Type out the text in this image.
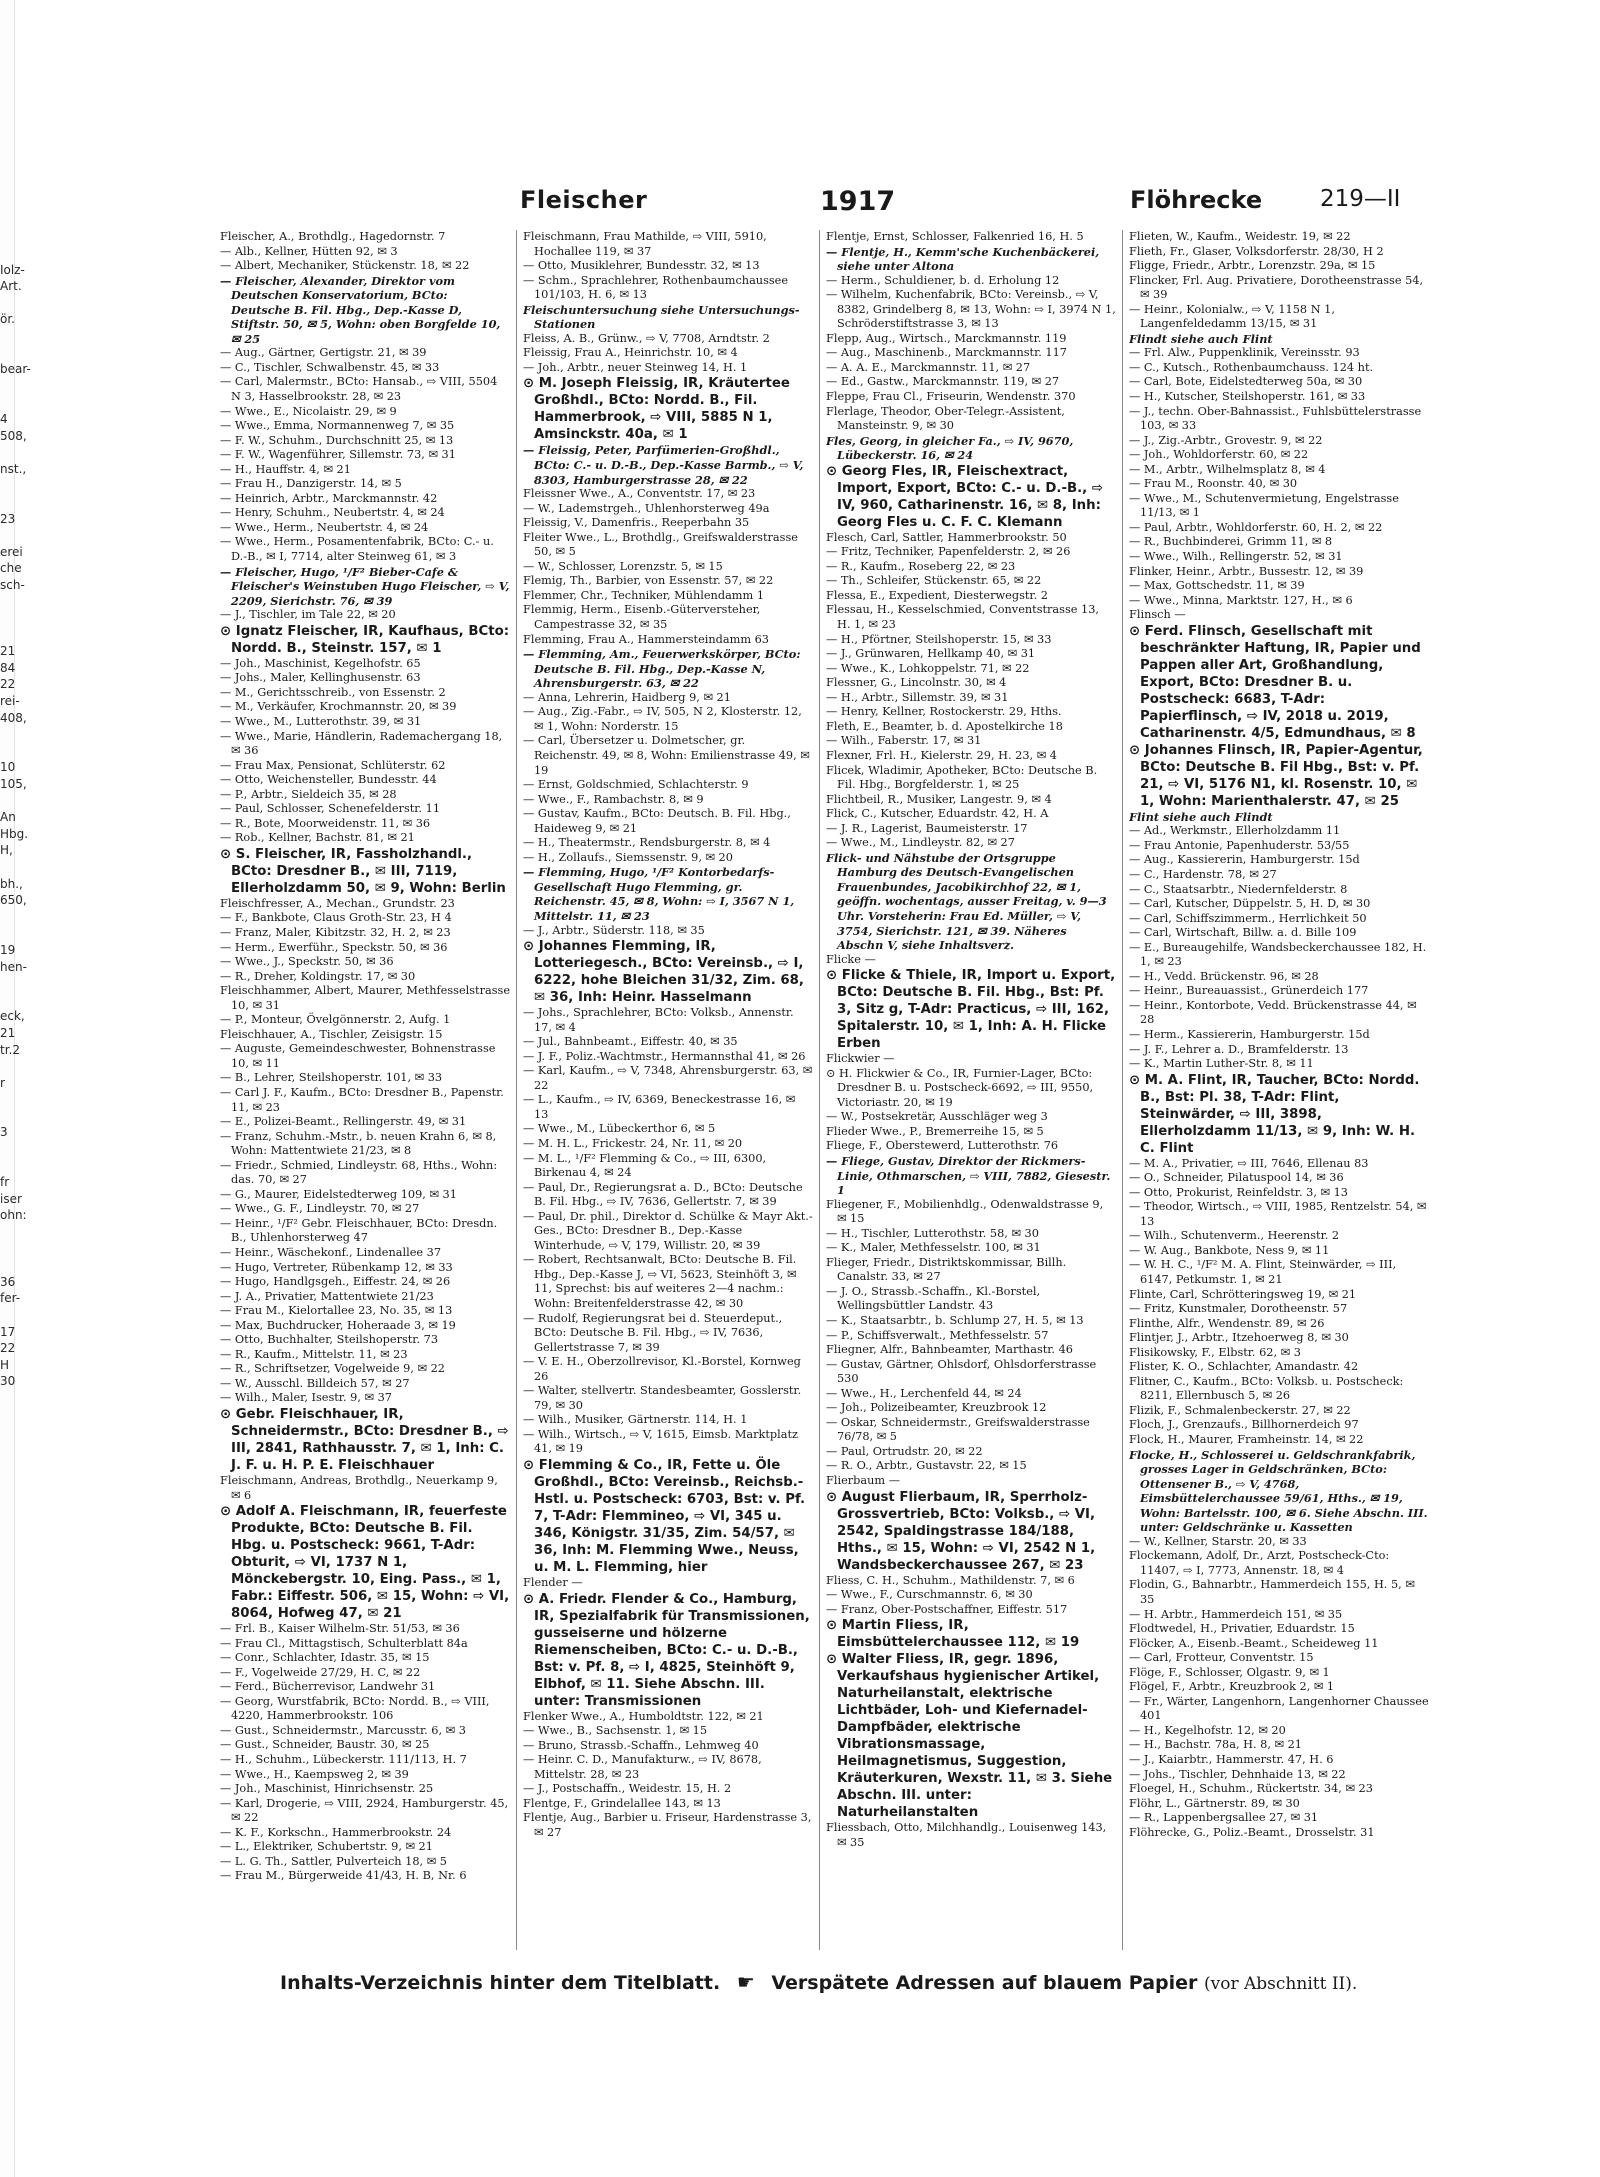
Iolz-
Art.
ör.
bear-
4
508,
nst.,
23
erei
che
sch-
21
84
22
rei-
408,
10
105,
An
Hbg.
H,
bh.,
650,
19
hen-
eck,
21
tr.2
r
3
fr
iser
ohn:
36
fer-
17
22
H
30
Fleischer	1917	Flöhrecke	219—II

Fleischer, A., Brothdlg., Hagedornstr. 7

— Alb., Kellner, Hütten 92, ✉ 3

— Albert, Mechaniker, Stückenstr. 18, ✉ 22

— Fleischer, Alexander, Direktor vom Deutschen Konservatorium, BCto: Deutsche B. Fil. Hbg., Dep.-Kasse D, Stiftstr. 50, ✉ 5, Wohn: oben Borgfelde 10, ✉ 25

— Aug., Gärtner, Gertigstr. 21, ✉ 39

— C., Tischler, Schwalbenstr. 45, ✉ 33

— Carl, Malermstr., BCto: Hansab., ⇨ VIII, 5504 N 3, Hasselbrookstr. 28, ✉ 23

— Wwe., E., Nicolaistr. 29, ✉ 9

— Wwe., Emma, Normannenweg 7, ✉ 35

— F. W., Schuhm., Durchschnitt 25, ✉ 13

— F. W., Wagenführer, Sillemstr. 73, ✉ 31

— H., Hauffstr. 4, ✉ 21

— Frau H., Danzigerstr. 14, ✉ 5

— Heinrich, Arbtr., Marckmannstr. 42

— Henry, Schuhm., Neubertstr. 4, ✉ 24

— Wwe., Herm., Neubertstr. 4, ✉ 24

— Wwe., Herm., Posamentenfabrik, BCto: C.- u. D.-B., ✉ I, 7714, alter Steinweg 61, ✉ 3

— Fleischer, Hugo, ¹/F² Bieber-Cafe & Fleischer's Weinstuben Hugo Fleischer, ⇨ V, 2209, Sierichstr. 76, ✉ 39

— J., Tischler, im Tale 22, ✉ 20

⊙ Ignatz Fleischer, IR, Kaufhaus, BCto: Nordd. B., Steinstr. 157, ✉ 1

— Joh., Maschinist, Kegelhofstr. 65

— Johs., Maler, Kellinghusenstr. 63

— M., Gerichtsschreib., von Essenstr. 2

— M., Verkäufer, Krochmannstr. 20, ✉ 39

— Wwe., M., Lutterothstr. 39, ✉ 31

— Wwe., Marie, Händlerin, Rademachergang 18, ✉ 36

— Frau Max, Pensionat, Schlüterstr. 62

— Otto, Weichensteller, Bundesstr. 44

— P., Arbtr., Sieldeich 35, ✉ 28

— Paul, Schlosser, Schenefelderstr. 11

— R., Bote, Moorweidenstr. 11, ✉ 36

— Rob., Kellner, Bachstr. 81, ✉ 21

⊙ S. Fleischer, IR, Fassholzhandl., BCto: Dresdner B., ✉ III, 7119, Ellerholzdamm 50, ✉ 9, Wohn: Berlin

Fleischfresser, A., Mechan., Grundstr. 23

— F., Bankbote, Claus Groth-Str. 23, H 4

— Franz, Maler, Kibitzstr. 32, H. 2, ✉ 23

— Herm., Ewerführ., Speckstr. 50, ✉ 36

— Wwe., J., Speckstr. 50, ✉ 36

— R., Dreher, Koldingstr. 17, ✉ 30

Fleischhammer, Albert, Maurer, Methfesselstrasse 10, ✉ 31

— P., Monteur, Övelgönnerstr. 2, Aufg. 1

Fleischhauer, A., Tischler, Zeisigstr. 15

— Auguste, Gemeindeschwester, Bohnenstrasse 10, ✉ 11

— B., Lehrer, Steilshoperstr. 101, ✉ 33

— Carl J. F., Kaufm., BCto: Dresdner B., Papenstr. 11, ✉ 23

— E., Polizei-Beamt., Rellingerstr. 49, ✉ 31

— Franz, Schuhm.-Mstr., b. neuen Krahn 6, ✉ 8, Wohn: Mattentwiete 21/23, ✉ 8

— Friedr., Schmied, Lindleystr. 68, Hths., Wohn: das. 70, ✉ 27

— G., Maurer, Eidelstedterweg 109, ✉ 31

— Wwe., G. F., Lindleystr. 70, ✉ 27

— Heinr., ¹/F² Gebr. Fleischhauer, BCto: Dresdn. B., Uhlenhorsterweg 47

— Heinr., Wäschekonf., Lindenallee 37

— Hugo, Vertreter, Rübenkamp 12, ✉ 33

— Hugo, Handlgsgeh., Eiffestr. 24, ✉ 26

— J. A., Privatier, Mattentwiete 21/23

— Frau M., Kielortallee 23, No. 35, ✉ 13

— Max, Buchdrucker, Hoheraade 3, ✉ 19

— Otto, Buchhalter, Steilshoperstr. 73

— R., Kaufm., Mittelstr. 11, ✉ 23

— R., Schriftsetzer, Vogelweide 9, ✉ 22

— W., Ausschl. Billdeich 57, ✉ 27

— Wilh., Maler, Isestr. 9, ✉ 37

⊙ Gebr. Fleischhauer, IR, Schneidermstr., BCto: Dresdner B., ⇨ III, 2841, Rathhausstr. 7, ✉ 1, Inh: C. J. F. u. H. P. E. Fleischhauer

Fleischmann, Andreas, Brothdlg., Neuerkamp 9, ✉ 6

⊙ Adolf A. Fleischmann, IR, feuerfeste Produkte, BCto: Deutsche B. Fil. Hbg. u. Postscheck: 9661, T-Adr: Obturit, ⇨ VI, 1737 N 1, Mönckebergstr. 10, Eing. Pass., ✉ 1, Fabr.: Eiffestr. 506, ✉ 15, Wohn: ⇨ VI, 8064, Hofweg 47, ✉ 21

— Frl. B., Kaiser Wilhelm-Str. 51/53, ✉ 36

— Frau Cl., Mittagstisch, Schulterblatt 84a

— Conr., Schlachter, Idastr. 35, ✉ 15

— F., Vogelweide 27/29, H. C, ✉ 22

— Ferd., Bücherrevisor, Landwehr 31

— Georg, Wurstfabrik, BCto: Nordd. B., ⇨ VIII, 4220, Hammerbrookstr. 106

— Gust., Schneidermstr., Marcusstr. 6, ✉ 3

— Gust., Schneider, Baustr. 30, ✉ 25

— H., Schuhm., Lübeckerstr. 111/113, H. 7

— Wwe., H., Kaempsweg 2, ✉ 39

— Joh., Maschinist, Hinrichsenstr. 25

— Karl, Drogerie, ⇨ VIII, 2924, Hamburgerstr. 45, ✉ 22

— K. F., Korkschn., Hammerbrookstr. 24

— L., Elektriker, Schubertstr. 9, ✉ 21

— L. G. Th., Sattler, Pulverteich 18, ✉ 5

— Frau M., Bürgerweide 41/43, H. B, Nr. 6

Fleischmann, Frau Mathilde, ⇨ VIII, 5910, Hochallee 119, ✉ 37

— Otto, Musiklehrer, Bundesstr. 32, ✉ 13

— Schm., Sprachlehrer, Rothenbaumchaussee 101/103, H. 6, ✉ 13

Fleischuntersuchung siehe Untersuchungs-Stationen

Fleiss, A. B., Grünw., ⇨ V, 7708, Arndtstr. 2

Fleissig, Frau A., Heinrichstr. 10, ✉ 4

— Joh., Arbtr., neuer Steinweg 14, H. 1

⊙ M. Joseph Fleissig, IR, Kräutertee Großhdl., BCto: Nordd. B., Fil. Hammerbrook, ⇨ VIII, 5885 N 1, Amsinckstr. 40a, ✉ 1

— Fleissig, Peter, Parfümerien-Großhdl., BCto: C.- u. D.-B., Dep.-Kasse Barmb., ⇨ V, 8303, Hamburgerstrasse 28, ✉ 22

Fleissner Wwe., A., Conventstr. 17, ✉ 23

— W., Lademstrgeh., Uhlenhorsterweg 49a

Fleissig, V., Damenfris., Reeperbahn 35

Fleiter Wwe., L., Brothdlg., Greifswalderstrasse 50, ✉ 5

— W., Schlosser, Lorenzstr. 5, ✉ 15

Flemig, Th., Barbier, von Essenstr. 57, ✉ 22

Flemmer, Chr., Techniker, Mühlendamm 1

Flemmig, Herm., Eisenb.-Güterversteher, Campestrasse 32, ✉ 35

Flemming, Frau A., Hammersteindamm 63

— Flemming, Am., Feuerwerkskörper, BCto: Deutsche B. Fil. Hbg., Dep.-Kasse N, Ahrensburgerstr. 63, ✉ 22

— Anna, Lehrerin, Haidberg 9, ✉ 21

— Aug., Zig.-Fabr., ⇨ IV, 505, N 2, Klosterstr. 12, ✉ 1, Wohn: Norderstr. 15

— Carl, Übersetzer u. Dolmetscher, gr. Reichenstr. 49, ✉ 8, Wohn: Emilienstrasse 49, ✉ 19

— Ernst, Goldschmied, Schlachterstr. 9

— Wwe., F., Rambachstr. 8, ✉ 9

— Gustav, Kaufm., BCto: Deutsch. B. Fil. Hbg., Haideweg 9, ✉ 21

— H., Theatermstr., Rendsburgerstr. 8, ✉ 4

— H., Zollaufs., Siemssenstr. 9, ✉ 20

— Flemming, Hugo, ¹/F² Kontorbedarfs-Gesellschaft Hugo Flemming, gr. Reichenstr. 45, ✉ 8, Wohn: ⇨ I, 3567 N 1, Mittelstr. 11, ✉ 23

— J., Arbtr., Süderstr. 118, ✉ 35

⊙ Johannes Flemming, IR, Lotteriegesch., BCto: Vereinsb., ⇨ I, 6222, hohe Bleichen 31/32, Zim. 68, ✉ 36, Inh: Heinr. Hasselmann

— Johs., Sprachlehrer, BCto: Volksb., Annenstr. 17, ✉ 4

— Jul., Bahnbeamt., Eiffestr. 40, ✉ 35

— J. F., Poliz.-Wachtmstr., Hermannsthal 41, ✉ 26

— Karl, Kaufm., ⇨ V, 7348, Ahrensburgerstr. 63, ✉ 22

— L., Kaufm., ⇨ IV, 6369, Beneckestrasse 16, ✉ 13

— Wwe., M., Lübeckerthor 6, ✉ 5

— M. H. L., Frickestr. 24, Nr. 11, ✉ 20

— M. L., ¹/F² Flemming & Co., ⇨ III, 6300, Birkenau 4, ✉ 24

— Paul, Dr., Regierungsrat a. D., BCto: Deutsche B. Fil. Hbg., ⇨ IV, 7636, Gellertstr. 7, ✉ 39

— Paul, Dr. phil., Direktor d. Schülke & Mayr Akt.-Ges., BCto: Dresdner B., Dep.-Kasse Winterhude, ⇨ V, 179, Willistr. 20, ✉ 39

— Robert, Rechtsanwalt, BCto: Deutsche B. Fil. Hbg., Dep.-Kasse J, ⇨ VI, 5623, Steinhöft 3, ✉ 11, Sprechst: bis auf weiteres 2—4 nachm.: Wohn: Breitenfelderstrasse 42, ✉ 30

— Rudolf, Regierungsrat bei d. Steuerdeput., BCto: Deutsche B. Fil. Hbg., ⇨ IV, 7636, Gellertstrasse 7, ✉ 39

— V. E. H., Oberzollrevisor, Kl.-Borstel, Kornweg 26

— Walter, stellvertr. Standesbeamter, Gosslerstr. 79, ✉ 30

— Wilh., Musiker, Gärtnerstr. 114, H. 1

— Wilh., Wirtsch., ⇨ V, 1615, Eimsb. Marktplatz 41, ✉ 19

⊙ Flemming & Co., IR, Fette u. Öle Großhdl., BCto: Vereinsb., Reichsb.-Hstl. u. Postscheck: 6703, Bst: v. Pf. 7, T-Adr: Flemmineo, ⇨ VI, 345 u. 346, Königstr. 31/35, Zim. 54/57, ✉ 36, Inh: M. Flemming Wwe., Neuss, u. M. L. Flemming, hier

Flender —

⊙ A. Friedr. Flender & Co., Hamburg, IR, Spezialfabrik für Transmissionen, gusseiserne und hölzerne Riemenscheiben, BCto: C.- u. D.-B., Bst: v. Pf. 8, ⇨ I, 4825, Steinhöft 9, Elbhof, ✉ 11. Siehe Abschn. III. unter: Transmissionen

Flenker Wwe., A., Humboldtstr. 122, ✉ 21

— Wwe., B., Sachsenstr. 1, ✉ 15

— Bruno, Strassb.-Schaffn., Lehmweg 40

— Heinr. C. D., Manufakturw., ⇨ IV, 8678, Mittelstr. 28, ✉ 23

— J., Postschaffn., Weidestr. 15, H. 2

Flentge, F., Grindelallee 143, ✉ 13

Flentje, Aug., Barbier u. Friseur, Hardenstrasse 3, ✉ 27

Flentje, Ernst, Schlosser, Falkenried 16, H. 5

— Flentje, H., Kemm'sche Kuchenbäckerei, siehe unter Altona

— Herm., Schuldiener, b. d. Erholung 12

— Wilhelm, Kuchenfabrik, BCto: Vereinsb., ⇨ V, 8382, Grindelberg 8, ✉ 13, Wohn: ⇨ I, 3974 N 1, Schröderstiftstrasse 3, ✉ 13

Flepp, Aug., Wirtsch., Marckmannstr. 119

— Aug., Maschinenb., Marckmannstr. 117

— A. A. E., Marckmannstr. 11, ✉ 27

— Ed., Gastw., Marckmannstr. 119, ✉ 27

Fleppe, Frau Cl., Friseurin, Wendenstr. 370

Flerlage, Theodor, Ober-Telegr.-Assistent, Mansteinstr. 9, ✉ 30

Fles, Georg, in gleicher Fa., ⇨ IV, 9670, Lübeckerstr. 16, ✉ 24

⊙ Georg Fles, IR, Fleischextract, Import, Export, BCto: C.- u. D.-B., ⇨ IV, 960, Catharinenstr. 16, ✉ 8, Inh: Georg Fles u. C. F. C. Klemann

Flesch, Carl, Sattler, Hammerbrookstr. 50

— Fritz, Techniker, Papenfelderstr. 2, ✉ 26

— R., Kaufm., Roseberg 22, ✉ 23

— Th., Schleifer, Stückenstr. 65, ✉ 22

Flessa, E., Expedient, Diesterwegstr. 2

Flessau, H., Kesselschmied, Conventstrasse 13, H. 1, ✉ 23

— H., Pförtner, Steilshoperstr. 15, ✉ 33

— J., Grünwaren, Hellkamp 40, ✉ 31

— Wwe., K., Lohkoppelstr. 71, ✉ 22

Flessner, G., Lincolnstr. 30, ✉ 4

— H., Arbtr., Sillemstr. 39, ✉ 31

— Henry, Kellner, Rostockerstr. 29, Hths.

Fleth, E., Beamter, b. d. Apostelkirche 18

— Wilh., Faberstr. 17, ✉ 31

Flexner, Frl. H., Kielerstr. 29, H. 23, ✉ 4

Flicek, Wladimir, Apotheker, BCto: Deutsche B. Fil. Hbg., Borgfelderstr. 1, ✉ 25

Flichtbeil, R., Musiker, Langestr. 9, ✉ 4

Flick, C., Kutscher, Eduardstr. 42, H. A

— J. R., Lagerist, Baumeisterstr. 17

— Wwe., M., Lindleystr. 82, ✉ 27

Flick- und Nähstube der Ortsgruppe Hamburg des Deutsch-Evangelischen Frauenbundes, Jacobikirchhof 22, ✉ 1, geöffn. wochentags, ausser Freitag, v. 9—3 Uhr. Vorsteherin: Frau Ed. Müller, ⇨ V, 3754, Sierichstr. 121, ✉ 39. Näheres Abschn V, siehe Inhaltsverz.

Flicke —

⊙ Flicke & Thiele, IR, Import u. Export, BCto: Deutsche B. Fil. Hbg., Bst: Pf. 3, Sitz g, T-Adr: Practicus, ⇨ III, 162, Spitalerstr. 10, ✉ 1, Inh: A. H. Flicke Erben

Flickwier —

⊙ H. Flickwier & Co., IR, Furnier-Lager, BCto: Dresdner B. u. Postscheck-6692, ⇨ III, 9550, Victoriastr. 20, ✉ 19

— W., Postsekretär, Ausschläger weg 3

Flieder Wwe., P., Bremerreihe 15, ✉ 5

Fliege, F., Oberstewerd, Lutterothstr. 76

— Fliege, Gustav, Direktor der Rickmers-Linie, Othmarschen, ⇨ VIII, 7882, Giesestr. 1

Fliegener, F., Mobilienhdlg., Odenwaldstrasse 9, ✉ 15

— H., Tischler, Lutterothstr. 58, ✉ 30

— K., Maler, Methfesselstr. 100, ✉ 31

Flieger, Friedr., Distriktskommissar, Billh. Canalstr. 33, ✉ 27

— J. O., Strassb.-Schaffn., Kl.-Borstel, Wellingsbüttler Landstr. 43

— K., Staatsarbtr., b. Schlump 27, H. 5, ✉ 13

— P., Schiffsverwalt., Methfesselstr. 57

Fliegner, Alfr., Bahnbeamter, Marthastr. 46

— Gustav, Gärtner, Ohlsdorf, Ohlsdorferstrasse 530

— Wwe., H., Lerchenfeld 44, ✉ 24

— Joh., Polizeibeamter, Kreuzbrook 12

— Oskar, Schneidermstr., Greifswalderstrasse 76/78, ✉ 5

— Paul, Ortrudstr. 20, ✉ 22

— R. O., Arbtr., Gustavstr. 22, ✉ 15

Flierbaum —

⊙ August Flierbaum, IR, Sperrholz-Grossvertrieb, BCto: Volksb., ⇨ VI, 2542, Spaldingstrasse 184/188, Hths., ✉ 15, Wohn: ⇨ VI, 2542 N 1, Wandsbeckerchaussee 267, ✉ 23

Fliess, C. H., Schuhm., Mathildenstr. 7, ✉ 6

— Wwe., F., Curschmannstr. 6, ✉ 30

— Franz, Ober-Postschaffner, Eiffestr. 517

⊙ Martin Fliess, IR, Eimsbüttelerchaussee 112, ✉ 19

⊙ Walter Fliess, IR, gegr. 1896, Verkaufshaus hygienischer Artikel, Naturheilanstalt, elektrische Lichtbäder, Loh- und Kiefernadel-Dampfbäder, elektrische Vibrationsmassage, Heilmagnetismus, Suggestion, Kräuterkuren, Wexstr. 11, ✉ 3. Siehe Abschn. III. unter: Naturheilanstalten

Fliessbach, Otto, Milchhandlg., Louisenweg 143, ✉ 35

Flieten, W., Kaufm., Weidestr. 19, ✉ 22

Flieth, Fr., Glaser, Volksdorferstr. 28/30, H 2

Fligge, Friedr., Arbtr., Lorenzstr. 29a, ✉ 15

Flincker, Frl. Aug. Privatiere, Dorotheenstrasse 54, ✉ 39

— Heinr., Kolonialw., ⇨ V, 1158 N 1, Langenfeldedamm 13/15, ✉ 31

Flindt siehe auch Flint

— Frl. Alw., Puppenklinik, Vereinsstr. 93

— C., Kutsch., Rothenbaumchauss. 124 ht.

— Carl, Bote, Eidelstedterweg 50a, ✉ 30

— H., Kutscher, Steilshoperstr. 161, ✉ 33

— J., techn. Ober-Bahnassist., Fuhlsbüttelerstrasse 103, ✉ 33

— J., Zig.-Arbtr., Grovestr. 9, ✉ 22

— Joh., Wohldorferstr. 60, ✉ 22

— M., Arbtr., Wilhelmsplatz 8, ✉ 4

— Frau M., Roonstr. 40, ✉ 30

— Wwe., M., Schutenvermietung, Engelstrasse 11/13, ✉ 1

— Paul, Arbtr., Wohldorferstr. 60, H. 2, ✉ 22

— R., Buchbinderei, Grimm 11, ✉ 8

— Wwe., Wilh., Rellingerstr. 52, ✉ 31

Flinker, Heinr., Arbtr., Bussestr. 12, ✉ 39

— Max, Gottschedstr. 11, ✉ 39

— Wwe., Minna, Marktstr. 127, H., ✉ 6

Flinsch —

⊙ Ferd. Flinsch, Gesellschaft mit beschränkter Haftung, IR, Papier und Pappen aller Art, Großhandlung, Export, BCto: Dresdner B. u. Postscheck: 6683, T-Adr: Papierflinsch, ⇨ IV, 2018 u. 2019, Catharinenstr. 4/5, Edmundhaus, ✉ 8

⊙ Johannes Flinsch, IR, Papier-Agentur, BCto: Deutsche B. Fil Hbg., Bst: v. Pf. 21, ⇨ VI, 5176 N1, kl. Rosenstr. 10, ✉ 1, Wohn: Marienthalerstr. 47, ✉ 25

Flint siehe auch Flindt

— Ad., Werkmstr., Ellerholzdamm 11

— Frau Antonie, Papenhuderstr. 53/55

— Aug., Kassiererin, Hamburgerstr. 15d

— C., Hardenstr. 78, ✉ 27

— C., Staatsarbtr., Niedernfelderstr. 8

— Carl, Kutscher, Düppelstr. 5, H. D, ✉ 30

— Carl, Schiffszimmerm., Herrlichkeit 50

— Carl, Wirtschaft, Billw. a. d. Bille 109

— E., Bureaugehilfe, Wandsbeckerchaussee 182, H. 1, ✉ 23

— H., Vedd. Brückenstr. 96, ✉ 28

— Heinr., Bureauassist., Grünerdeich 177

— Heinr., Kontorbote, Vedd. Brückenstrasse 44, ✉ 28

— Herm., Kassiererin, Hamburgerstr. 15d

— J. F., Lehrer a. D., Bramfelderstr. 13

— K., Martin Luther-Str. 8, ✉ 11

⊙ M. A. Flint, IR, Taucher, BCto: Nordd. B., Bst: Pl. 38, T-Adr: Flint, Steinwärder, ⇨ III, 3898, Ellerholzdamm 11/13, ✉ 9, Inh: W. H. C. Flint

— M. A., Privatier, ⇨ III, 7646, Ellenau 83

— O., Schneider, Pilatuspool 14, ✉ 36

— Otto, Prokurist, Reinfeldstr. 3, ✉ 13

— Theodor, Wirtsch., ⇨ VIII, 1985, Rentzelstr. 54, ✉ 13

— Wilh., Schutenverm., Heerenstr. 2

— W. Aug., Bankbote, Ness 9, ✉ 11

— W. H. C., ¹/F² M. A. Flint, Steinwärder, ⇨ III, 6147, Petkumstr. 1, ✉ 21

Flinte, Carl, Schrötteringsweg 19, ✉ 21

— Fritz, Kunstmaler, Dorotheenstr. 57

Flinthe, Alfr., Wendenstr. 89, ✉ 26

Flintjer, J., Arbtr., Itzehoerweg 8, ✉ 30

Flisikowsky, F., Elbstr. 62, ✉ 3

Flister, K. O., Schlachter, Amandastr. 42

Flitner, C., Kaufm., BCto: Volksb. u. Postscheck: 8211, Ellernbusch 5, ✉ 26

Flizik, F., Schmalenbeckerstr. 27, ✉ 22

Floch, J., Grenzaufs., Billhornerdeich 97

Flock, H., Maurer, Framheinstr. 14, ✉ 22

Flocke, H., Schlosserei u. Geldschrankfabrik, grosses Lager in Geldschränken, BCto: Ottensener B., ⇨ V, 4768, Eimsbüttelerchaussee 59/61, Hths., ✉ 19, Wohn: Bartelsstr. 100, ✉ 6. Siehe Abschn. III. unter: Geldschränke u. Kassetten

— W., Kellner, Starstr. 20, ✉ 33

Flockemann, Adolf, Dr., Arzt, Postscheck-Cto: 11407, ⇨ I, 7773, Annenstr. 18, ✉ 4

Flodin, G., Bahnarbtr., Hammerdeich 155, H. 5, ✉ 35

— H. Arbtr., Hammerdeich 151, ✉ 35

Flodtwedel, H., Privatier, Eduardstr. 15

Flöcker, A., Eisenb.-Beamt., Scheideweg 11

— Carl, Frotteur, Conventstr. 15

Flöge, F., Schlosser, Olgastr. 9, ✉ 1

Flögel, F., Arbtr., Kreuzbrook 2, ✉ 1

— Fr., Wärter, Langenhorn, Langenhorner Chaussee 401

— H., Kegelhofstr. 12, ✉ 20

— H., Bachstr. 78a, H. 8, ✉ 21

— J., Kaiarbtr., Hammerstr. 47, H. 6

— Johs., Tischler, Dehnhaide 13, ✉ 22

Floegel, H., Schuhm., Rückertstr. 34, ✉ 23

Flöhr, L., Gärtnerstr. 89, ✉ 30

— R., Lappenbergsallee 27, ✉ 31

Flöhrecke, G., Poliz.-Beamt., Drosselstr. 31

Inhalts-Verzeichnis hinter dem Titelblatt. ☛ Verspätete Adressen auf blauem Papier (vor Abschnitt II).
